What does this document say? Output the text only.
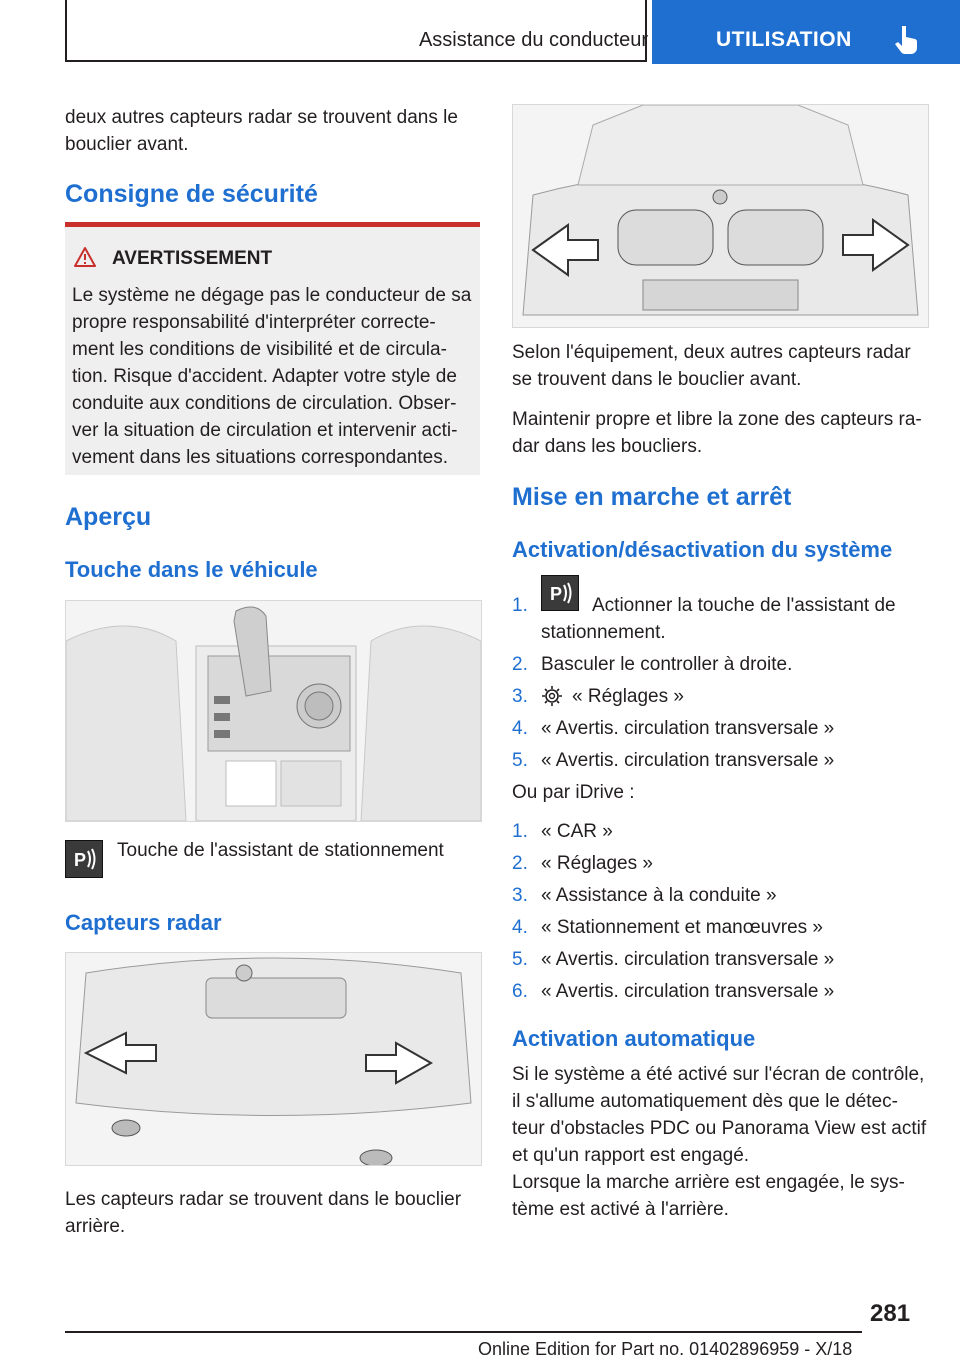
Assistance du conducteur	UTILISATION
deux autres capteurs radar se trouvent dans le
bouclier avant.
Consigne de sécurité
AVERTISSEMENT
Le système ne dégage pas le conducteur de sa
propre responsabilité d'interpréter correcte-
ment les conditions de visibilité et de circula-
tion. Risque d'accident. Adapter votre style de
conduite aux conditions de circulation. Obser-
ver la situation de circulation et intervenir acti-
vement dans les situations correspondantes.
Aperçu
Touche dans le véhicule
P Touche de l'assistant de stationnement
Capteurs radar
Les capteurs radar se trouvent dans le bouclier
arrière.
Selon l'équipement, deux autres capteurs radar
se trouvent dans le bouclier avant.
Maintenir propre et libre la zone des capteurs ra-
dar dans les boucliers.
Mise en marche et arrêt
Activation/désactivation du système
1.
P
Actionner la touche de l'assistant de
stationnement.
2. Basculer le controller à droite.
3. « Réglages »
4. « Avertis. circulation transversale »
5. « Avertis. circulation transversale »
Ou par iDrive :
1. « CAR »
2. « Réglages »
3. « Assistance à la conduite »
4. « Stationnement et manœuvres »
5. « Avertis. circulation transversale »
6. « Avertis. circulation transversale »
Activation automatique
Si le système a été activé sur l'écran de contrôle,
il s'allume automatiquement dès que le détec-
teur d'obstacles PDC ou Panorama View est actif
et qu'un rapport est engagé.
Lorsque la marche arrière est engagée, le sys-
tème est activé à l'arrière.
281
Online Edition for Part no. 01402896959 - X/18
